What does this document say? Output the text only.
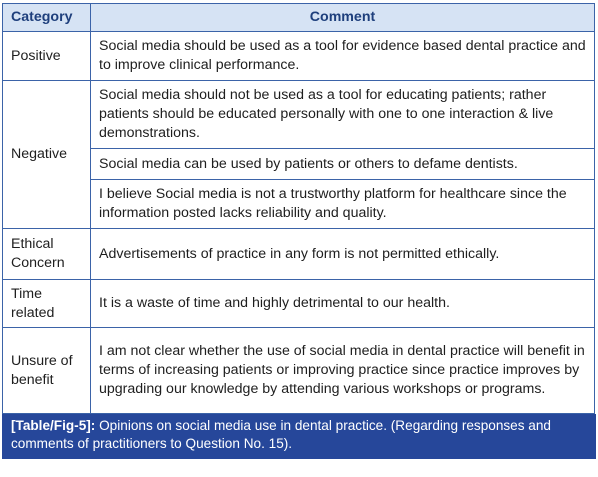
Category	Comment
Positive	Social media should be used as a tool for evidence based dental practice and to improve clinical performance.
Negative	Social media should not be used as a tool for educating patients; rather patients should be educated personally with one to one interaction & live demonstrations.
	Social media can be used by patients or others to defame dentists.
	I believe Social media is not a trustworthy platform for healthcare since the information posted lacks reliability and quality.
Ethical Concern	Advertisements of practice in any form is not permitted ethically.
Time related	It is a waste of time and highly detrimental to our health.
Unsure of benefit	I am not clear whether the use of social media in dental practice will benefit in terms of increasing patients or improving practice since practice improves by upgrading our knowledge by attending various workshops or programs.
[Table/Fig-5]: Opinions on social media use in dental practice. (Regarding responses and comments of practitioners to Question No. 15).
